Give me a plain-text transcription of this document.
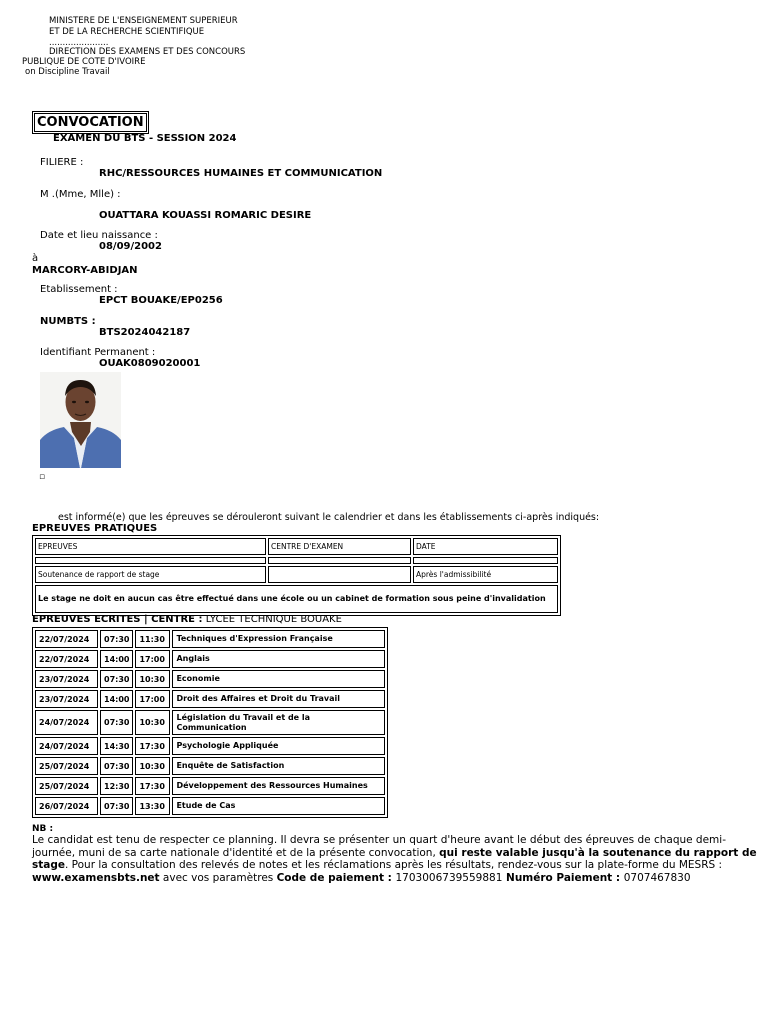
MINISTERE DE L'ENSEIGNEMENT SUPERIEUR
ET DE LA RECHERCHE SCIENTIFIQUE
......................
DIRECTION DES EXAMENS ET DES CONCOURS
PUBLIQUE DE COTE D'IVOIRE
on Discipline Travail
CONVOCATION
EXAMEN DU BTS - SESSION 2024
FILIERE :
RHC/RESSOURCES HUMAINES ET COMMUNICATION
M .(Mme, Mlle) :
OUATTARA KOUASSI ROMARIC DESIRE
Date et lieu naissance :
08/09/2002
à
MARCORY-ABIDJAN
Etablissement :
EPCT BOUAKE/EP0256
NUMBTS :
BTS2024042187
Identifiant Permanent :
OUAK0809020001
▫
est informé(e) que les épreuves se dérouleront suivant le calendrier et dans les établissements ci-après indiqués:
EPREUVES PRATIQUES
EPREUVES	CENTRE D'EXAMEN	DATE

Soutenance de rapport de stage		Après l'admissibilité
Le stage ne doit en aucun cas être effectué dans une école ou un cabinet de formation sous peine d'invalidation		
EPREUVES ECRITES | CENTRE : LYCEE TECHNIQUE BOUAKE
22/07/2024	07:30	11:30	Techniques d'Expression Française
22/07/2024	14:00	17:00	Anglais
23/07/2024	07:30	10:30	Economie
23/07/2024	14:00	17:00	Droit des Affaires et Droit du Travail
24/07/2024	07:30	10:30	Législation du Travail et de la Communication
24/07/2024	14:30	17:30	Psychologie Appliquée
25/07/2024	07:30	10:30	Enquête de Satisfaction
25/07/2024	12:30	17:30	Développement des Ressources Humaines
26/07/2024	07:30	13:30	Etude de Cas
NB :
Le candidat est tenu de respecter ce planning. Il devra se présenter un quart d'heure avant le début des épreuves de chaque demi-journée, muni de sa carte nationale d'identité et de la présente convocation, qui reste valable jusqu'à la soutenance du rapport de stage. Pour la consultation des relevés de notes et les réclamations après les résultats, rendez-vous sur la plate-forme du MESRS :
www.examensbts.net avec vos paramètres Code de paiement : 1703006739559881 Numéro Paiement : 0707467830
